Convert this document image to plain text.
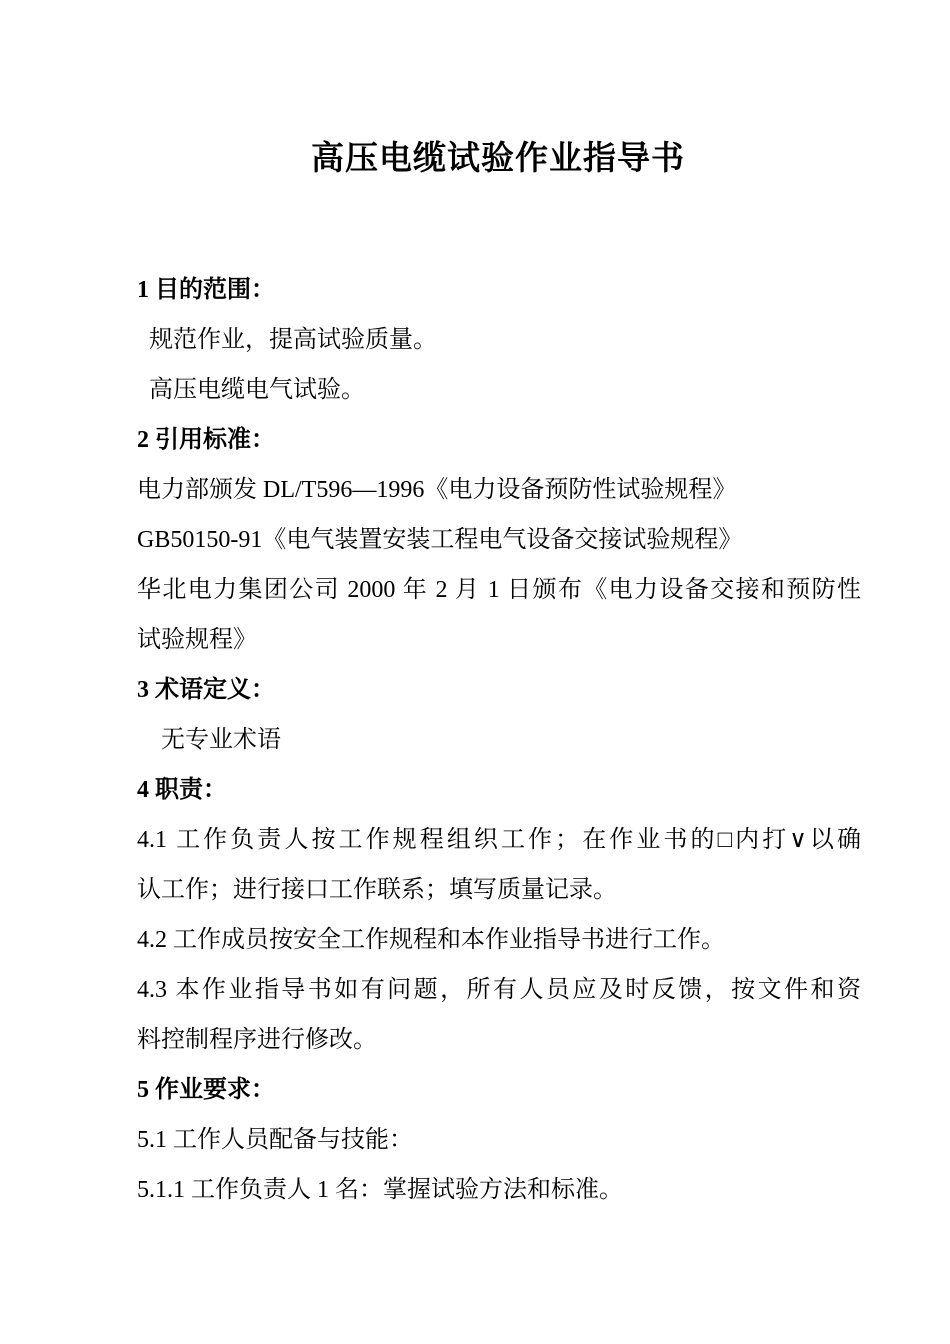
高压电缆试验作业指导书
1 目的范围：
规范作业，提高试验质量。
高压电缆电气试验。
2 引用标准：
电力部颁发 DL/T596—1996《电力设备预防性试验规程》
GB50150-91《电气装置安装工程电气设备交接试验规程》
华北电力集团公司 2000 年 2 月 1 日颁布《电力设备交接和预防性
试验规程》
3 术语定义：
无专业术语
4 职责：
4.1 工作负责人按工作规程组织工作；在作业书的□内打∨以确
认工作；进行接口工作联系；填写质量记录。
4.2 工作成员按安全工作规程和本作业指导书进行工作。
4.3 本作业指导书如有问题，所有人员应及时反馈，按文件和资
料控制程序进行修改。
5 作业要求：
5.1 工作人员配备与技能：
5.1.1 工作负责人 1 名：掌握试验方法和标准。
